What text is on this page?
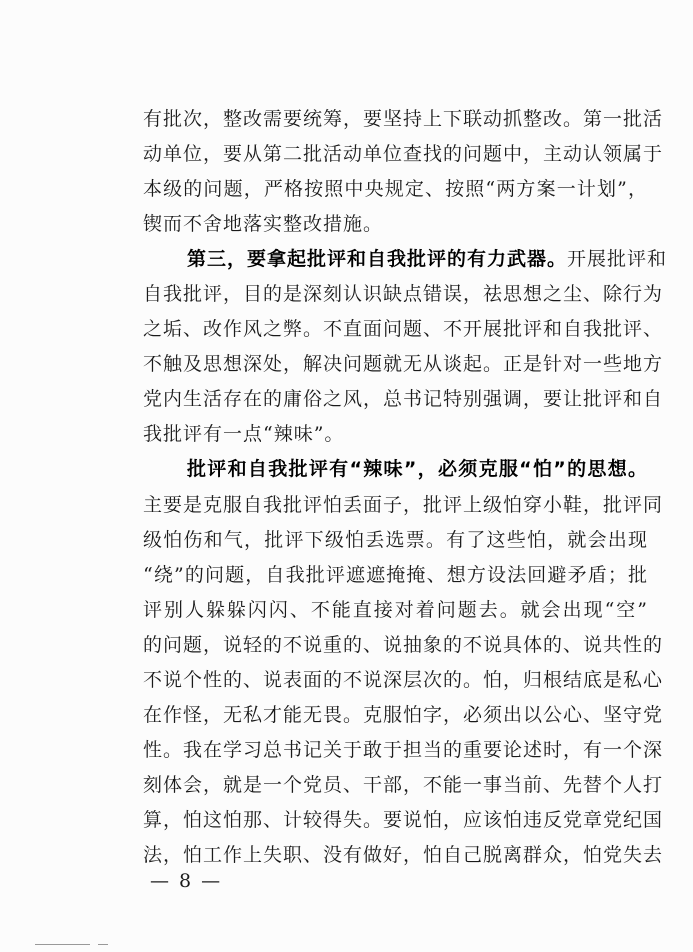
有批次，整改需要统筹，要坚持上下联动抓整改。第一批活
动单位，要从第二批活动单位查找的问题中，主动认领属于
本级的问题，严格按照中央规定、按照“两方案一计划”，
锲而不舍地落实整改措施。
第三，要拿起批评和自我批评的有力武器。开展批评和
自我批评，目的是深刻认识缺点错误，祛思想之尘、除行为
之垢、改作风之弊。不直面问题、不开展批评和自我批评、
不触及思想深处，解决问题就无从谈起。正是针对一些地方
党内生活存在的庸俗之风，总书记特别强调，要让批评和自
我批评有一点“辣味”。
批评和自我批评有“辣味”，必须克服“怕”的思想。
主要是克服自我批评怕丢面子，批评上级怕穿小鞋，批评同
级怕伤和气，批评下级怕丢选票。有了这些怕，就会出现
“绕”的问题，自我批评遮遮掩掩、想方设法回避矛盾；批
评别人躲躲闪闪、不能直接对着问题去。就会出现“空”
的问题，说轻的不说重的、说抽象的不说具体的、说共性的
不说个性的、说表面的不说深层次的。怕，归根结底是私心
在作怪，无私才能无畏。克服怕字，必须出以公心、坚守党
性。我在学习总书记关于敢于担当的重要论述时，有一个深
刻体会，就是一个党员、干部，不能一事当前、先替个人打
算，怕这怕那、计较得失。要说怕，应该怕违反党章党纪国
法，怕工作上失职、没有做好，怕自己脱离群众，怕党失去
— 8 —
